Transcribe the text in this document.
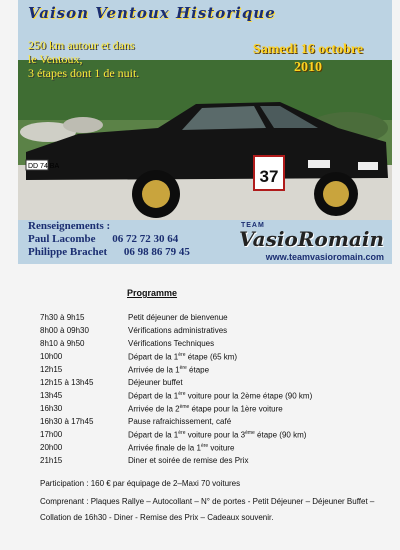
DD 74 BA
37
Vaison Ventoux Historique
250 km autour et dans
le Ventoux,
3 étapes dont 1 de nuit.
Samedi 16 octobre
2010
Renseignements :
Paul Lacombe 06 72 72 30 64
Philippe Brachet 06 98 86 79 45
TEAM
VasioRomain
www.teamvasioromain.com
Programme
7h30 à 9h15	Petit déjeuner de bienvenue
8h00 à 09h30	Vérifications administratives
8h10 à 9h50	Vérifications Techniques
10h00	Départ de la 1ère étape (65 km)
12h15	Arrivée de la 1ère étape
12h15 à 13h45	Déjeuner buffet
13h45	Départ de la 1ère voiture pour la 2ème étape (90 km)
16h30	Arrivée de la 2ème étape pour la 1ère voiture
16h30 à 17h45	Pause rafraichissement, café
17h00	Départ de la 1ère voiture pour la 3ème étape (90 km)
20h00	Arrivée finale de la 1ère voiture
21h15	Diner et soirée de remise des Prix
Participation : 160 € par équipage de 2–Maxi 70 voitures
Comprenant : Plaques Rallye – Autocollant – N° de portes - Petit Déjeuner – Déjeuner Buffet – Collation de 16h30 - Diner - Remise des Prix – Cadeaux souvenir.
